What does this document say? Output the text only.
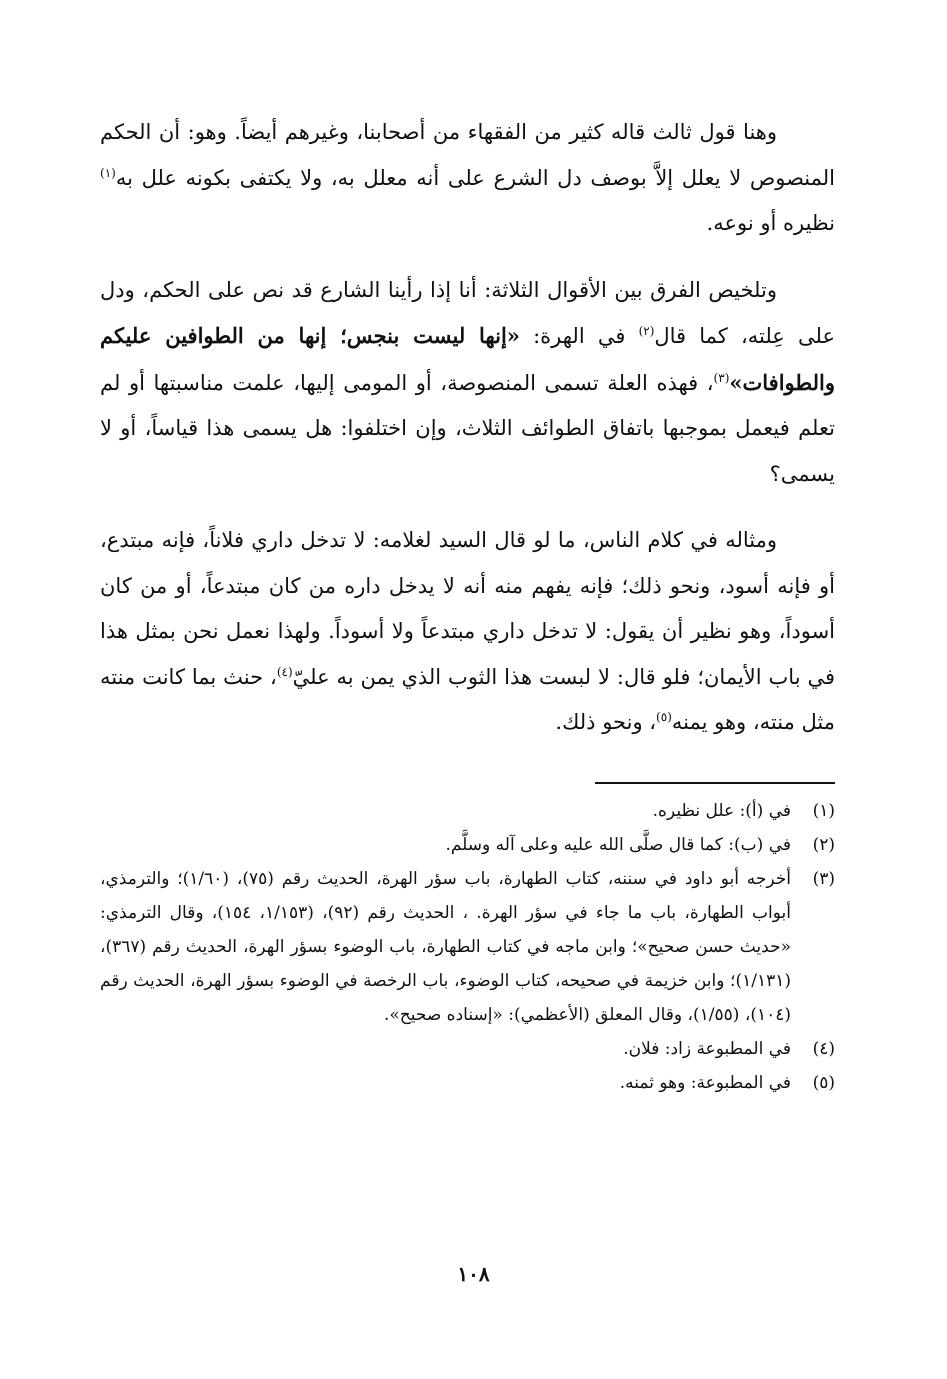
وهنا قول ثالث قاله كثير من الفقهاء من أصحابنا، وغيرهم أيضاً. وهو: أن الحكم المنصوص لا يعلل إلاَّ بوصف دل الشرع على أنه معلل به، ولا يكتفى بكونه علل به$^{(١)}$ نظيره أو نوعه.

وتلخيص الفرق بين الأقوال الثلاثة: أنا إذا رأينا الشارع قد نص على الحكم، ودل على عِلته، كما قال$^{(٢)}$ في الهرة: «إنها ليست بنجس؛ إنها من الطوافين عليكم والطوافات»$^{(٣)}$، فهذه العلة تسمى المنصوصة، أو المومى إليها، علمت مناسبتها أو لم تعلم فيعمل بموجبها باتفاق الطوائف الثلاث، وإن اختلفوا: هل يسمى هذا قياساً، أو لا يسمى؟

ومثاله في كلام الناس، ما لو قال السيد لغلامه: لا تدخل داري فلاناً، فإنه مبتدع، أو فإنه أسود، ونحو ذلك؛ فإنه يفهم منه أنه لا يدخل داره من كان مبتدعاً، أو من كان أسوداً، وهو نظير أن يقول: لا تدخل داري مبتدعاً ولا أسوداً. ولهذا نعمل نحن بمثل هذا في باب الأيمان؛ فلو قال: لا لبست هذا الثوب الذي يمن به عليّ$^{(٤)}$، حنث بما كانت منته مثل منته، وهو يمنه$^{(٥)}$، ونحو ذلك.

(١)
في (أ): علل نظيره.
(٢)
في (ب): كما قال صلَّى الله عليه وعلى آله وسلَّم.
(٣)
أخرجه أبو داود في سننه، كتاب الطهارة، باب سؤر الهرة، الحديث رقم (٧٥)، (١/٦٠)؛ والترمذي، أبواب الطهارة، باب ما جاء في سؤر الهرة. ، الحديث رقم (٩٢)، (١/١٥٣، ١٥٤)، وقال الترمذي: «حديث حسن صحيح»؛ وابن ماجه في كتاب الطهارة، باب الوضوء بسؤر الهرة، الحديث رقم (٣٦٧)، (١/١٣١)؛ وابن خزيمة في صحيحه، كتاب الوضوء، باب الرخصة في الوضوء بسؤر الهرة، الحديث رقم (١٠٤)، (١/٥٥)، وقال المعلق (الأعظمي): «إسناده صحيح».
(٤)
في المطبوعة زاد: فلان.
(٥)
في المطبوعة: وهو ثمنه.
١٠٨
